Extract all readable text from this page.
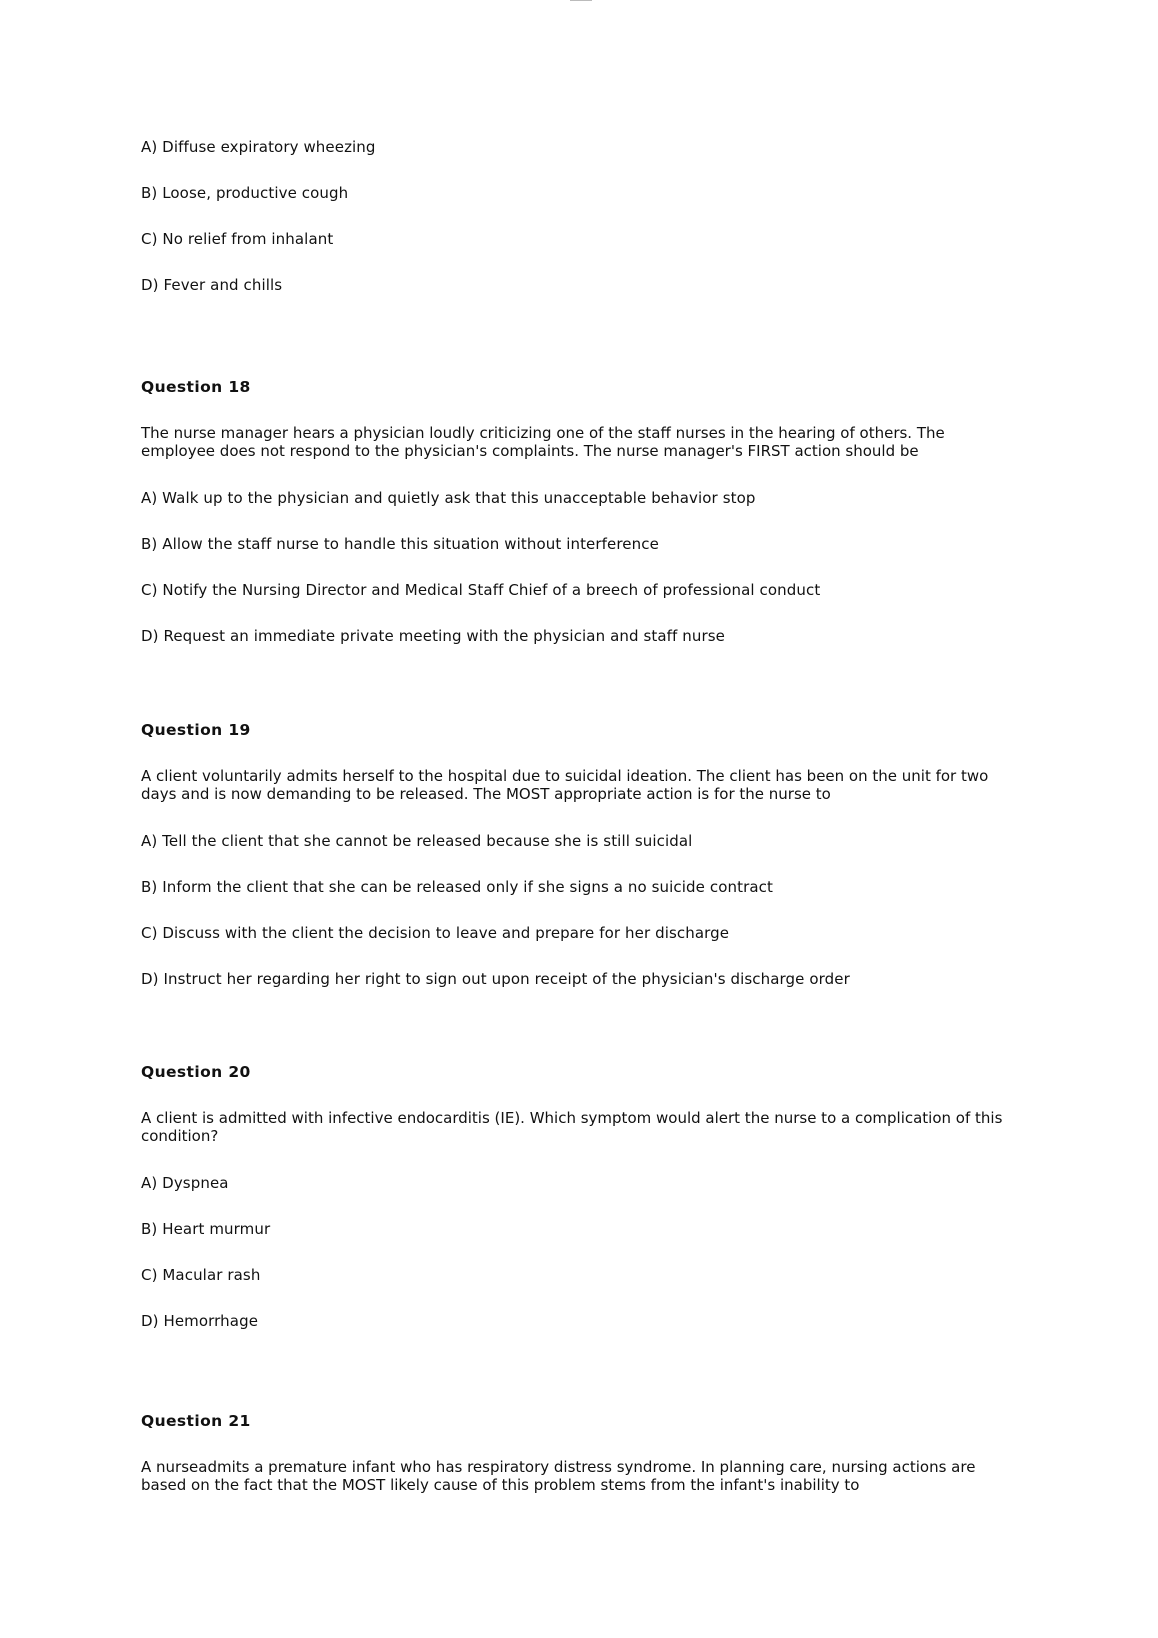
A) Diffuse expiratory wheezing
B) Loose, productive cough
C) No relief from inhalant
D) Fever and chills
Question 18
The nurse manager hears a physician loudly criticizing one of the staff nurses in the hearing of others. The employee does not respond to the physician's complaints. The nurse manager's FIRST action should be
A) Walk up to the physician and quietly ask that this unacceptable behavior stop
B) Allow the staff nurse to handle this situation without interference
C) Notify the Nursing Director and Medical Staff Chief of a breech of professional conduct
D) Request an immediate private meeting with the physician and staff nurse
Question 19
A client voluntarily admits herself to the hospital due to suicidal ideation. The client has been on the unit for two days and is now demanding to be released. The MOST appropriate action is for the nurse to
A) Tell the client that she cannot be released because she is still suicidal
B) Inform the client that she can be released only if she signs a no suicide contract
C) Discuss with the client the decision to leave and prepare for her discharge
D) Instruct her regarding her right to sign out upon receipt of the physician's discharge order
Question 20
A client is admitted with infective endocarditis (IE). Which symptom would alert the nurse to a complication of this condition?
A) Dyspnea
B) Heart murmur
C) Macular rash
D) Hemorrhage
Question 21
A nurseadmits a premature infant who has respiratory distress syndrome. In planning care, nursing actions are based on the fact that the MOST likely cause of this problem stems from the infant's inability to
